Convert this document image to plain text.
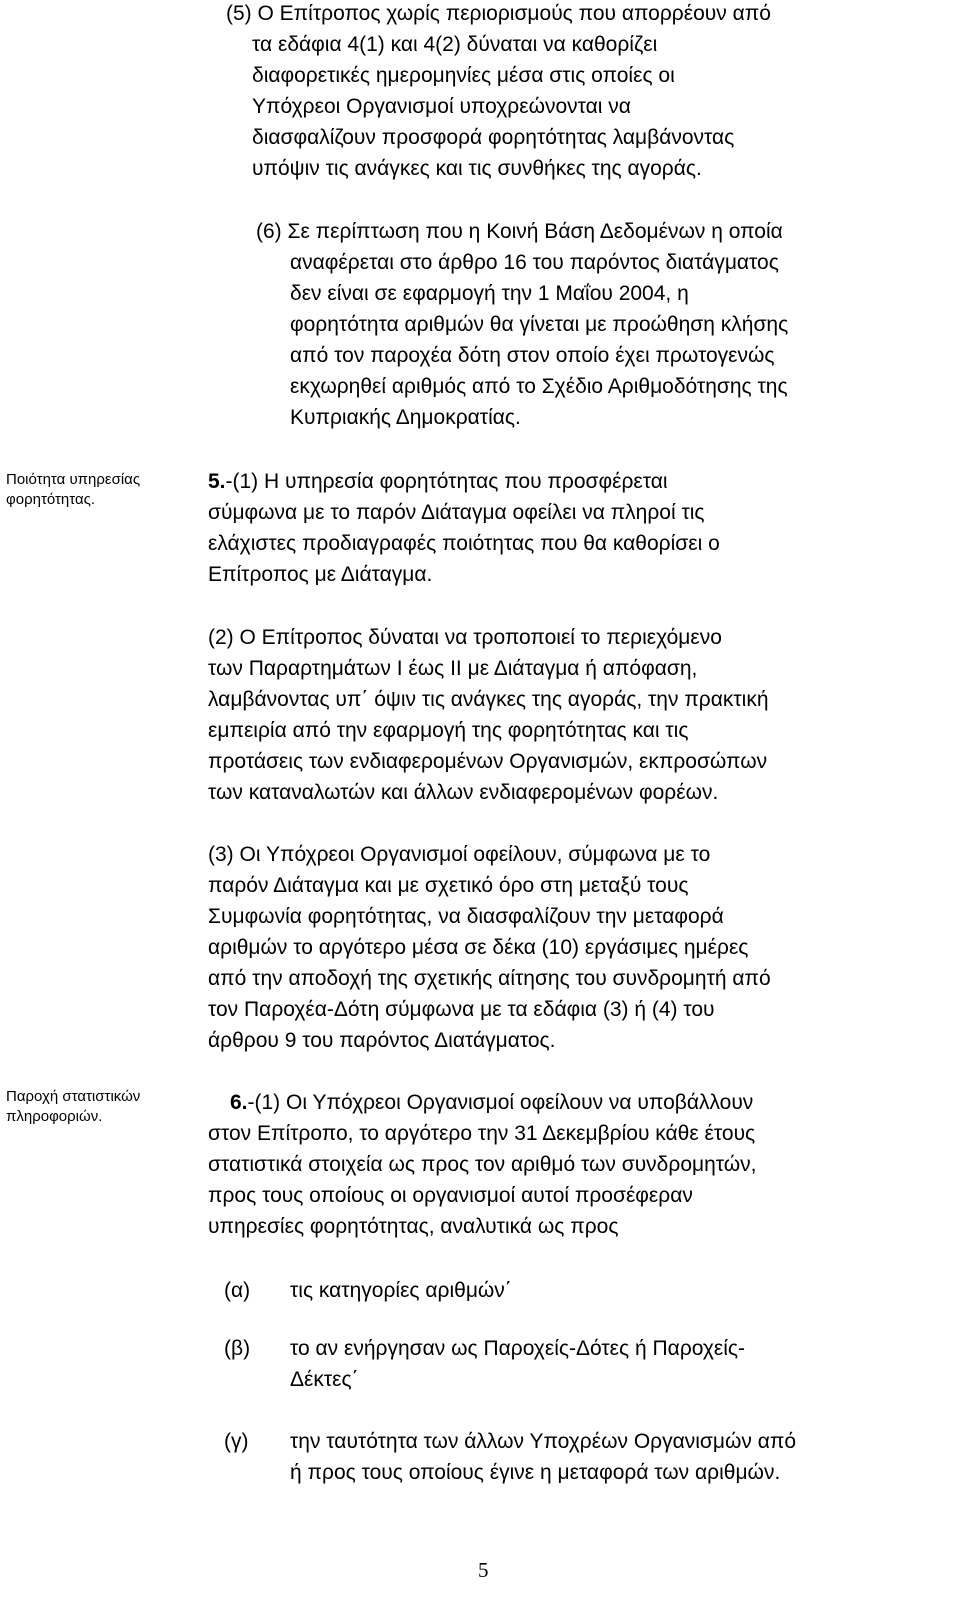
(5) Ο Επίτροπος χωρίς περιορισμούς που απορρέουν από
τα εδάφια 4(1) και 4(2) δύναται να καθορίζει
διαφορετικές ημερομηνίες μέσα στις οποίες οι
Υπόχρεοι Οργανισμοί υποχρεώνονται να
διασφαλίζουν προσφορά φορητότητας λαμβάνοντας
υπόψιν τις ανάγκες και τις συνθήκες της αγοράς.
(6) Σε περίπτωση που η Κοινή Βάση Δεδομένων η οποία
αναφέρεται στο άρθρο 16 του παρόντος διατάγματος
δεν είναι σε εφαρμογή την 1 Μαΐου 2004, η
φορητότητα αριθμών θα γίνεται με προώθηση κλήσης
από τον παροχέα δότη στον οποίο έχει πρωτογενώς
εκχωρηθεί αριθμός από το Σχέδιο Αριθμοδότησης της
Κυπριακής Δημοκρατίας.
Ποιότητα υπηρεσίας
φορητότητας.
5.-(1) Η υπηρεσία φορητότητας που προσφέρεται
σύμφωνα με το παρόν Διάταγμα οφείλει να πληροί τις
ελάχιστες προδιαγραφές ποιότητας που θα καθορίσει ο
Επίτροπος με Διάταγμα.
(2) Ο Επίτροπος δύναται να τροποποιεί το περιεχόμενο
των Παραρτημάτων Ι έως ΙΙ με Διάταγμα ή απόφαση,
λαμβάνοντας υπ΄ όψιν τις ανάγκες της αγοράς, την πρακτική
εμπειρία από την εφαρμογή της φορητότητας και τις
προτάσεις των ενδιαφερομένων Οργανισμών, εκπροσώπων
των καταναλωτών και άλλων ενδιαφερομένων φορέων.
(3) Οι Υπόχρεοι Οργανισμοί οφείλουν, σύμφωνα με το
παρόν Διάταγμα και με σχετικό όρο στη μεταξύ τους
Συμφωνία φορητότητας, να διασφαλίζουν την μεταφορά
αριθμών το αργότερο μέσα σε δέκα (10) εργάσιμες ημέρες
από την αποδοχή της σχετικής αίτησης του συνδρομητή από
τον Παροχέα-Δότη σύμφωνα με τα εδάφια (3) ή (4) του
άρθρου 9 του παρόντος Διατάγματος.
Παροχή στατιστικών
πληροφοριών.
6.-(1) Οι Υπόχρεοι Οργανισμοί οφείλουν να υποβάλλουν
στον Επίτροπο, το αργότερο την 31 Δεκεμβρίου κάθε έτους
στατιστικά στοιχεία ως προς τον αριθμό των συνδρομητών,
προς τους οποίους οι οργανισμοί αυτοί προσέφεραν
υπηρεσίες φορητότητας, αναλυτικά ως προς
(α) τις κατηγορίες αριθμών΄
(β) το αν ενήργησαν ως Παροχείς-Δότες ή Παροχείς-
Δέκτες΄
(γ) την ταυτότητα των άλλων Υποχρέων Οργανισμών από
ή προς τους οποίους έγινε η μεταφορά των αριθμών.
5
